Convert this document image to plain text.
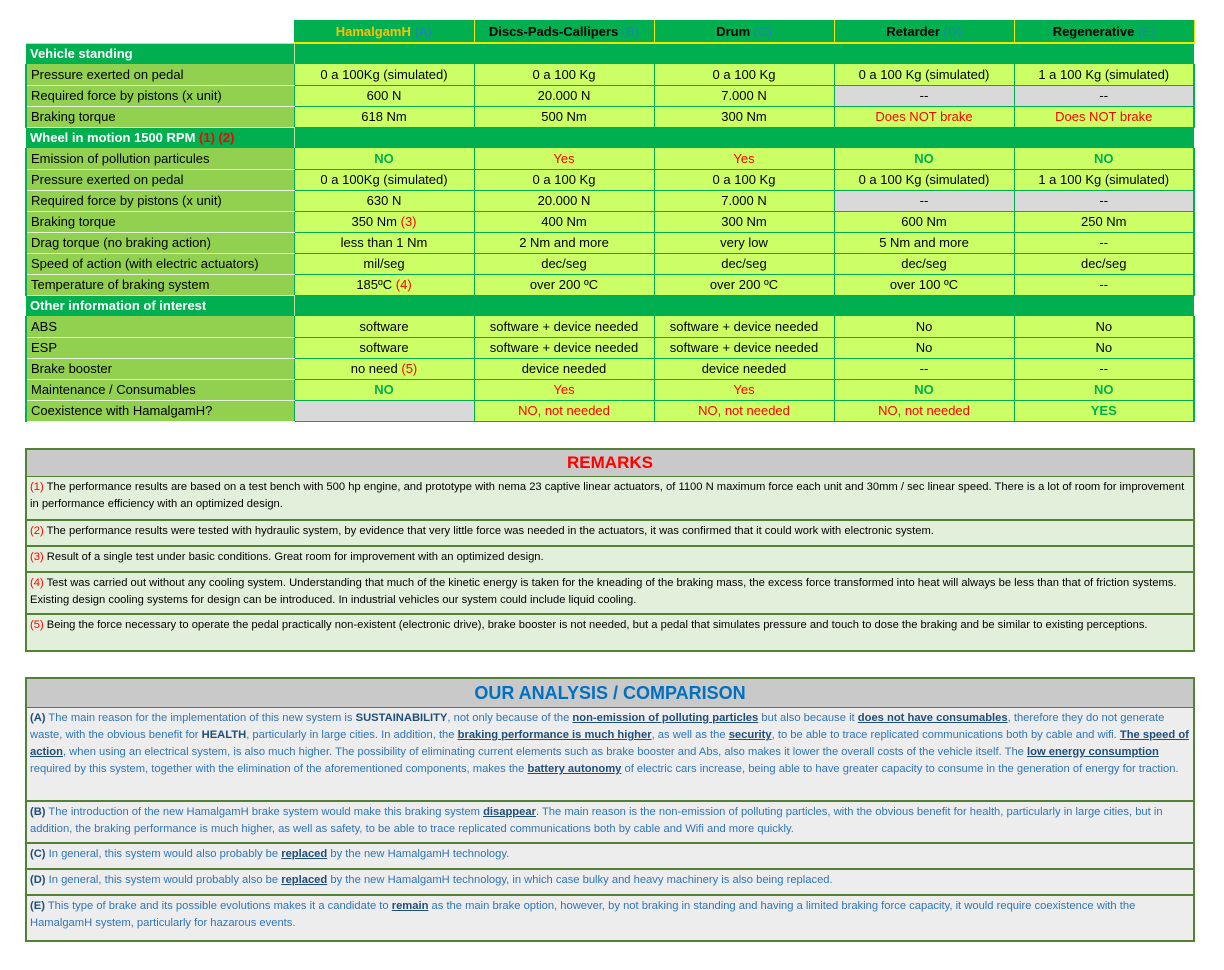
	HamalgamH (A)	Discs-Pads-Callipers (B)	Drum (C)	Retarder (D)	Regenerative (E)
Vehicle standing					
Pressure exerted on pedal	0 a 100Kg (simulated)	0 a 100 Kg	0 a 100 Kg	0 a 100 Kg (simulated)	1 a 100 Kg (simulated)
Required force by pistons (x unit)	600 N	20.000 N	7.000 N	--	--
Braking torque	618 Nm	500 Nm	300 Nm	Does NOT brake	Does NOT brake
Wheel in motion 1500 RPM (1) (2)					
Emission of pollution particules	NO	Yes	Yes	NO	NO
Pressure exerted on pedal	0 a 100Kg (simulated)	0 a 100 Kg	0 a 100 Kg	0 a 100 Kg (simulated)	1 a 100 Kg (simulated)
Required force by pistons (x unit)	630 N	20.000 N	7.000 N	--	--
Braking torque	350 Nm (3)	400 Nm	300 Nm	600 Nm	250 Nm
Drag torque (no braking action)	less than 1 Nm	2 Nm and more	very low	5 Nm and more	--
Speed of action (with electric actuators)	mil/seg	dec/seg	dec/seg	dec/seg	dec/seg
Temperature of braking system	185ºC (4)	over 200 ºC	over 200 ºC	over 100 ºC	--
Other information of interest					
ABS	software	software + device needed	software + device needed	No	No
ESP	software	software + device needed	software + device needed	No	No
Brake booster	no need (5)	device needed	device needed	--	--
Maintenance / Consumables	NO	Yes	Yes	NO	NO
Coexistence with HamalgamH?		NO, not needed	NO, not needed	NO, not needed	YES
REMARKS
(1) The performance results are based on a test bench with 500 hp engine, and prototype with nema 23 captive linear actuators, of 1100 N maximum force each unit and 30mm / sec linear speed. There is a lot of room for improvement in performance efficiency with an optimized design.
(2) The performance results were tested with hydraulic system, by evidence that very little force was needed in the actuators, it was confirmed that it could work with electronic system.
(3) Result of a single test under basic conditions. Great room for improvement with an optimized design.
(4) Test was carried out without any cooling system. Understanding that much of the kinetic energy is taken for the kneading of the braking mass, the excess force transformed into heat will always be less than that of friction systems. Existing design cooling systems for design can be introduced. In industrial vehicles our system could include liquid cooling.
(5) Being the force necessary to operate the pedal practically non-existent (electronic drive), brake booster is not needed, but a pedal that simulates pressure and touch to dose the braking and be similar to existing perceptions.
OUR ANALYSIS / COMPARISON
(A) The main reason for the implementation of this new system is SUSTAINABILITY, not only because of the non-emission of polluting particles but also because it does not have consumables, therefore they do not generate waste, with the obvious benefit for HEALTH, particularly in large cities. In addition, the braking performance is much higher, as well as the security, to be able to trace replicated communications both by cable and wifi. The speed of action, when using an electrical system, is also much higher. The possibility of eliminating current elements such as brake booster and Abs, also makes it lower the overall costs of the vehicle itself. The low energy consumption required by this system, together with the elimination of the aforementioned components, makes the battery autonomy of electric cars increase, being able to have greater capacity to consume in the generation of energy for traction.
(B) The introduction of the new HamalgamH brake system would make this braking system disappear. The main reason is the non-emission of polluting particles, with the obvious benefit for health, particularly in large cities, but in addition, the braking performance is much higher, as well as safety, to be able to trace replicated communications both by cable and Wifi and more quickly.
(C) In general, this system would also probably be replaced by the new HamalgamH technology.
(D) In general, this system would probably also be replaced by the new HamalgamH technology, in which case bulky and heavy machinery is also being replaced.
(E) This type of brake and its possible evolutions makes it a candidate to remain as the main brake option, however, by not braking in standing and having a limited braking force capacity, it would require coexistence with the HamalgamH system, particularly for hazarous events.
